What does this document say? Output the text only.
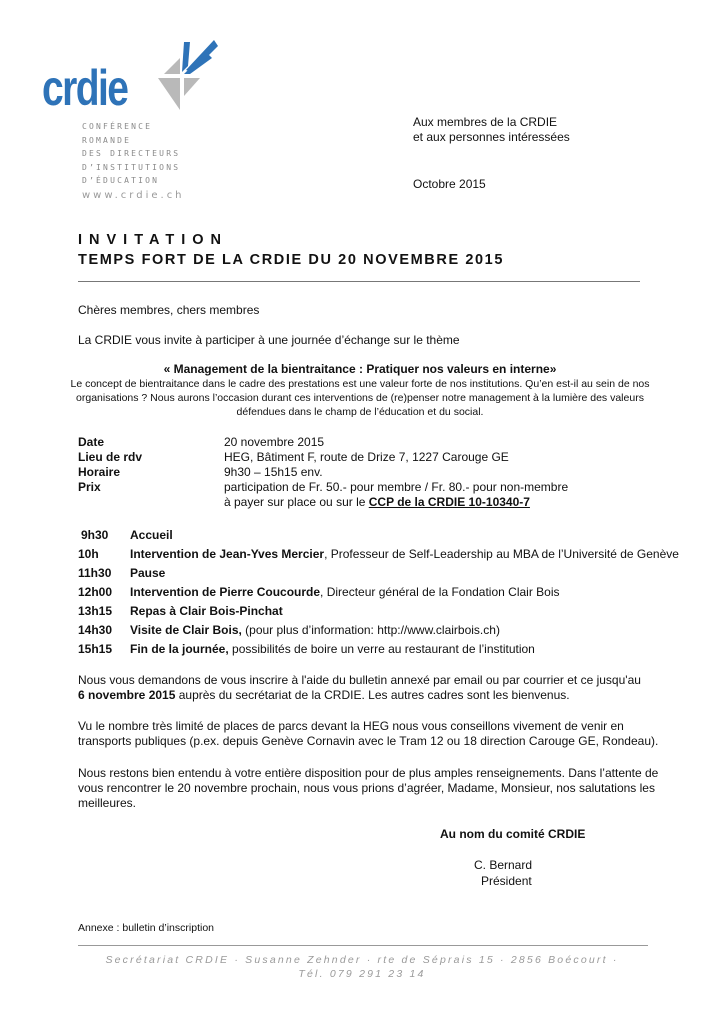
crdie
CONFÉRENCE
ROMANDE
DES DIRECTEURS
D’INSTITUTIONS
D’ÉDUCATION
www.crdie.ch
Aux membres de la CRDIE
et aux personnes intéressées
Octobre 2015
INVITATION
TEMPS FORT DE LA CRDIE DU 20 NOVEMBRE 2015
Chères membres, chers membres
La CRDIE vous invite à participer à une journée d’échange sur le thème
« Management de la bientraitance : Pratiquer nos valeurs en interne»
Le concept de bientraitance dans le cadre des prestations est une valeur forte de nos institutions. Qu’en est-il au sein de nos
organisations ? Nous aurons l’occasion durant ces interventions de (re)penser notre management à la lumière des valeurs
défendues dans le champ de l’éducation et du social.
Date	20 novembre 2015
Lieu de rdv	HEG, Bâtiment F, route de Drize 7, 1227 Carouge GE
Horaire	9h30 – 15h15 env.
Prix	participation de Fr. 50.- pour membre / Fr. 80.- pour non-membre
à payer sur place ou sur le CCP de la CRDIE 10-10340-7
9h30 Accueil
10h	Intervention de Jean-Yves Mercier, Professeur de Self-Leadership au MBA de l’Université de Genève
11h30 Pause
12h00 Intervention de Pierre Coucourde, Directeur général de la Fondation Clair Bois
13h15 Repas à Clair Bois-Pinchat
14h30 Visite de Clair Bois, (pour plus d’information: http://www.clairbois.ch)
15h15 Fin de la journée, possibilités de boire un verre au restaurant de l’institution
Nous vous demandons de vous inscrire à l'aide du bulletin annexé par email ou par courrier et ce jusqu'au
6 novembre 2015 auprès du secrétariat de la CRDIE. Les autres cadres sont les bienvenus.
Vu le nombre très limité de places de parcs devant la HEG nous vous conseillons vivement de venir en
transports publiques (p.ex. depuis Genève Cornavin avec le Tram 12 ou 18 direction Carouge GE, Rondeau).
Nous restons bien entendu à votre entière disposition pour de plus amples renseignements. Dans l’attente de
vous rencontrer le 20 novembre prochain, nous vous prions d’agréer, Madame, Monsieur, nos salutations les
meilleures.
Au nom du comité CRDIE
C. Bernard
Président
Annexe : bulletin d’inscription
Secrétariat CRDIE · Susanne Zehnder · rte de Séprais 15 · 2856 Boécourt ·
Tél. 079 291 23 14
